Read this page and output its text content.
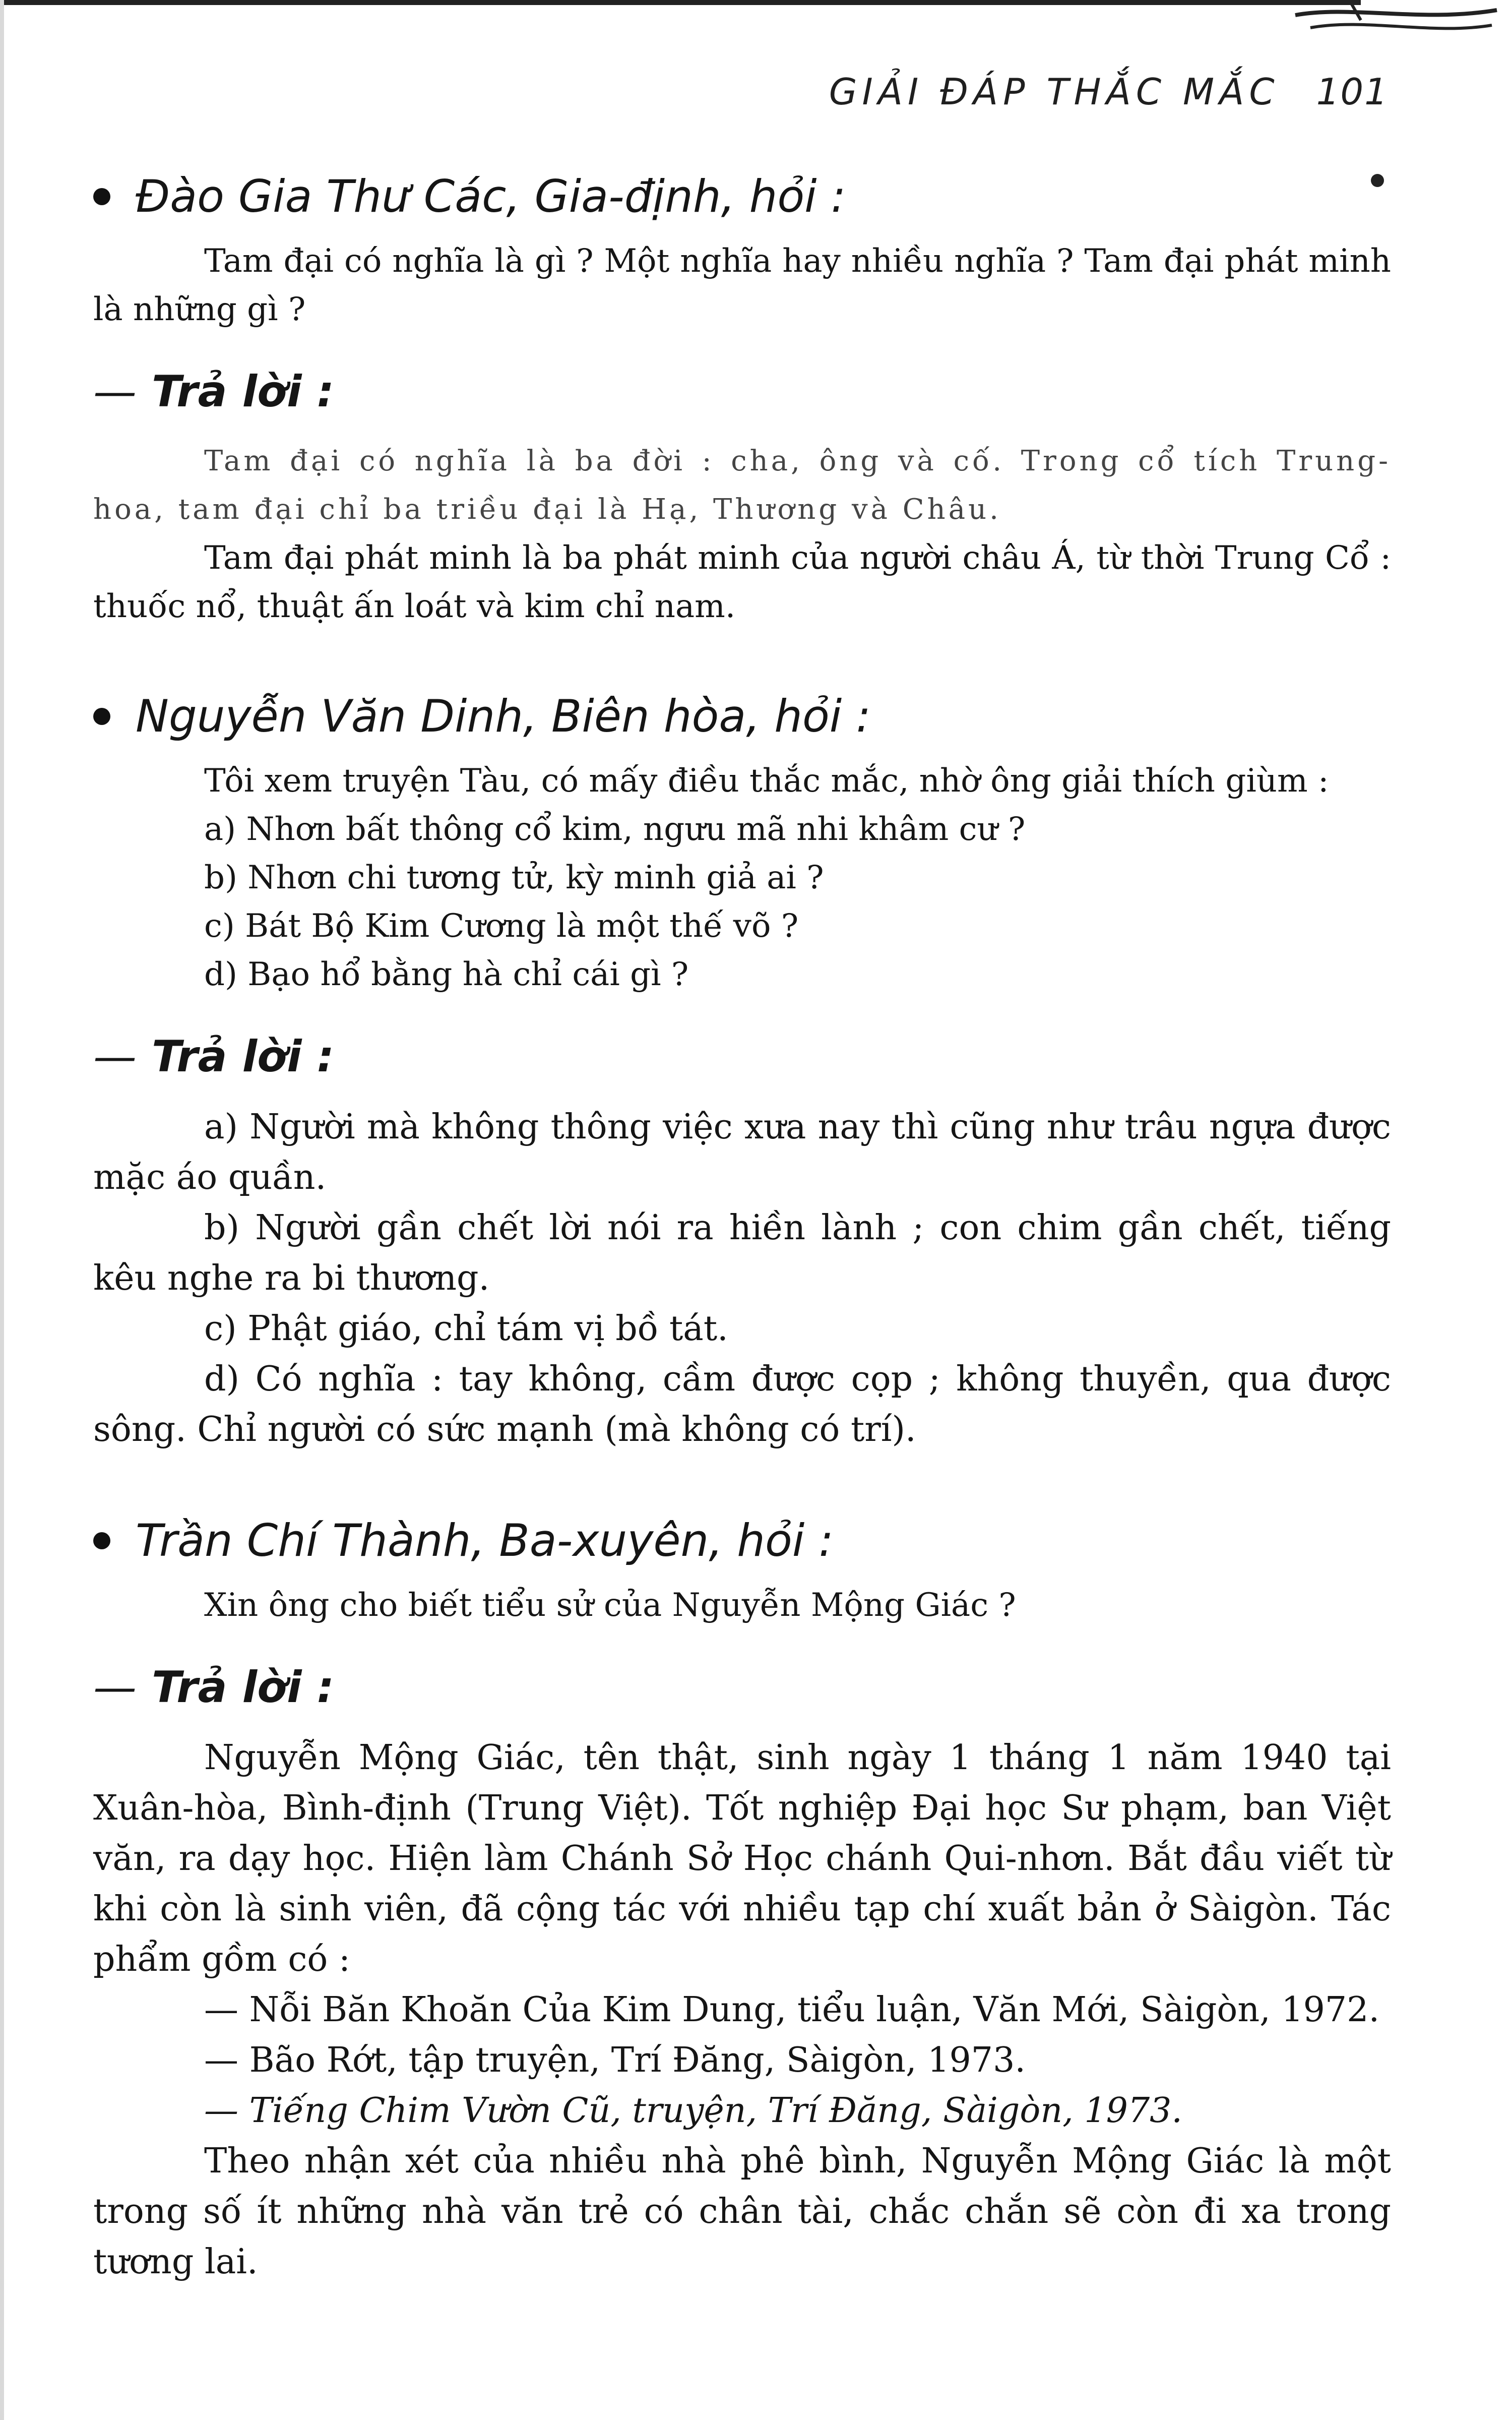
GIẢI ĐÁP THẮC MẮC 101
Đào Gia Thư Các, Gia-định, hỏi :

Tam đại có nghĩa là gì ? Một nghĩa hay nhiều nghĩa ? Tam đại phát minh là những gì ?

— Trả lời :

Tam đại có nghĩa là ba đời : cha, ông và cố. Trong cổ tích Trung-hoa, tam đại chỉ ba triều đại là Hạ, Thương và Châu.

Tam đại phát minh là ba phát minh của người châu Á, từ thời Trung Cổ : thuốc nổ, thuật ấn loát và kim chỉ nam.

Nguyễn Văn Dinh, Biên hòa, hỏi :

Tôi xem truyện Tàu, có mấy điều thắc mắc, nhờ ông giải thích giùm :

a) Nhơn bất thông cổ kim, ngưu mã nhi khâm cư ?

b) Nhơn chi tương tử, kỳ minh giả ai ?

c) Bát Bộ Kim Cương là một thế võ ?

d) Bạo hổ bằng hà chỉ cái gì ?

— Trả lời :

a) Người mà không thông việc xưa nay thì cũng như trâu ngựa được mặc áo quần.

b) Người gần chết lời nói ra hiền lành ; con chim gần chết, tiếng kêu nghe ra bi thương.

c) Phật giáo, chỉ tám vị bồ tát.

d) Có nghĩa : tay không, cầm được cọp ; không thuyền, qua được sông. Chỉ người có sức mạnh (mà không có trí).

Trần Chí Thành, Ba-xuyên, hỏi :

Xin ông cho biết tiểu sử của Nguyễn Mộng Giác ?

— Trả lời :

Nguyễn Mộng Giác, tên thật, sinh ngày 1 tháng 1 năm 1940 tại Xuân-hòa, Bình-định (Trung Việt). Tốt nghiệp Đại học Sư phạm, ban Việt văn, ra dạy học. Hiện làm Chánh Sở Học chánh Qui-nhơn. Bắt đầu viết từ khi còn là sinh viên, đã cộng tác với nhiều tạp chí xuất bản ở Sàigòn. Tác phẩm gồm có :

— Nỗi Băn Khoăn Của Kim Dung, tiểu luận, Văn Mới, Sàigòn, 1972.

— Bão Rớt, tập truyện, Trí Đăng, Sàigòn, 1973.

— Tiếng Chim Vườn Cũ, truyện, Trí Đăng, Sàigòn, 1973.

Theo nhận xét của nhiều nhà phê bình, Nguyễn Mộng Giác là một trong số ít những nhà văn trẻ có chân tài, chắc chắn sẽ còn đi xa trong tương lai.
